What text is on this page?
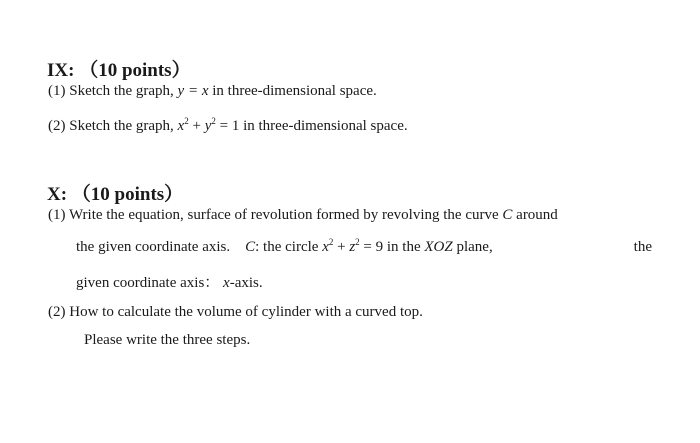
IX: （10 points）
(1) Sketch the graph, y = x in three-dimensional space.
(2) Sketch the graph, $x^2 + y^2 = 1$ in three-dimensional space.
X: （10 points）
(1) Write the equation, surface of revolution formed by revolving the curve C around
the given coordinate axis. C: the circle $x^2 + z^2 = 9$ in the XOZ plane,	the
given coordinate axis： x-axis.
(2) How to calculate the volume of cylinder with a curved top.
Please write the three steps.
